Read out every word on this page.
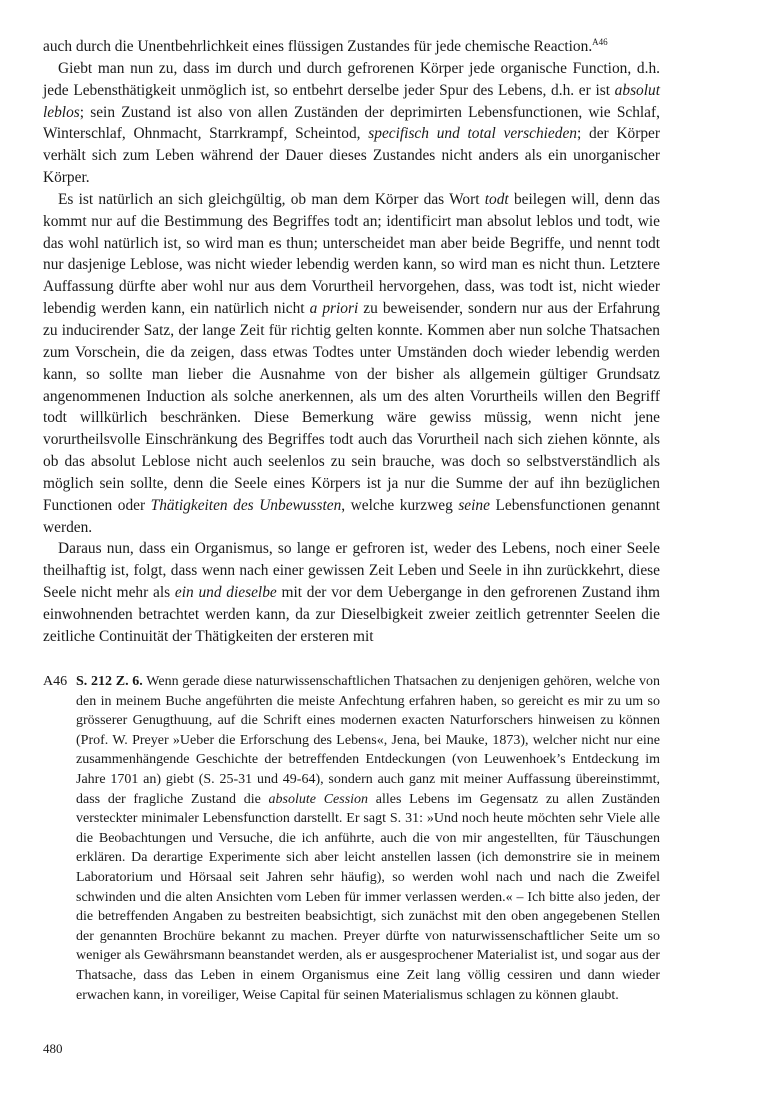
auch durch die Unentbehrlichkeit eines flüssigen Zustandes für jede chemische Reaction.$^{A46}$

Giebt man nun zu, dass im durch und durch gefrorenen Körper jede organische Function, d.h. jede Lebensthätigkeit unmöglich ist, so entbehrt derselbe jeder Spur des Lebens, d.h. er ist absolut leblos; sein Zustand ist also von allen Zuständen der deprimirten Lebensfunctionen, wie Schlaf, Winterschlaf, Ohnmacht, Starrkrampf, Scheintod, specifisch und total verschieden; der Körper verhält sich zum Leben während der Dauer dieses Zustandes nicht anders als ein unorganischer Körper.

Es ist natürlich an sich gleichgültig, ob man dem Körper das Wort todt beilegen will, denn das kommt nur auf die Bestimmung des Begriffes todt an; identificirt man absolut leblos und todt, wie das wohl natürlich ist, so wird man es thun; unterscheidet man aber beide Begriffe, und nennt todt nur dasjenige Leblose, was nicht wieder lebendig werden kann, so wird man es nicht thun. Letztere Auffassung dürfte aber wohl nur aus dem Vorurtheil hervorgehen, dass, was todt ist, nicht wieder lebendig werden kann, ein natürlich nicht a priori zu beweisender, sondern nur aus der Erfahrung zu inducirender Satz, der lange Zeit für richtig gelten konnte. Kommen aber nun solche Thatsachen zum Vorschein, die da zeigen, dass etwas Todtes unter Umständen doch wieder lebendig werden kann, so sollte man lieber die Ausnahme von der bisher als allgemein gültiger Grundsatz angenommenen Induction als solche anerkennen, als um des alten Vorurtheils willen den Begriff todt willkürlich beschränken. Diese Bemerkung wäre gewiss müssig, wenn nicht jene vorurtheilsvolle Einschränkung des Begriffes todt auch das Vorurtheil nach sich ziehen könnte, als ob das absolut Leblose nicht auch seelenlos zu sein brauche, was doch so selbstverständlich als möglich sein sollte, denn die Seele eines Körpers ist ja nur die Summe der auf ihn bezüglichen Functionen oder Thätigkeiten des Unbewussten, welche kurzweg seine Lebensfunctionen genannt werden.

Daraus nun, dass ein Organismus, so lange er gefroren ist, weder des Lebens, noch einer Seele theilhaftig ist, folgt, dass wenn nach einer gewissen Zeit Leben und Seele in ihn zurückkehrt, diese Seele nicht mehr als ein und dieselbe mit der vor dem Uebergange in den gefrorenen Zustand ihm einwohnenden betrachtet werden kann, da zur Dieselbigkeit zweier zeitlich getrennter Seelen die zeitliche Continuität der Thätigkeiten der ersteren mit

A46 S. 212 Z. 6. Wenn gerade diese naturwissenschaftlichen Thatsachen zu denjenigen gehören, welche von den in meinem Buche angeführten die meiste Anfechtung erfahren haben, so gereicht es mir zu um so grösserer Genugthuung, auf die Schrift eines modernen exacten Naturforschers hinweisen zu können (Prof. W. Preyer »Ueber die Erforschung des Lebens«, Jena, bei Mauke, 1873), welcher nicht nur eine zusammenhängende Geschichte der betreffenden Entdeckungen (von Leuwenhoek’s Entdeckung im Jahre 1701 an) giebt (S. 25-31 und 49-64), sondern auch ganz mit meiner Auffassung übereinstimmt, dass der fragliche Zustand die absolute Cession alles Lebens im Gegensatz zu allen Zuständen versteckter minimaler Lebensfunction darstellt. Er sagt S. 31: »Und noch heute möchten sehr Viele alle die Beobachtungen und Versuche, die ich anführte, auch die von mir angestellten, für Täuschungen erklären. Da derartige Experimente sich aber leicht anstellen lassen (ich demonstrire sie in meinem Laboratorium und Hörsaal seit Jahren sehr häufig), so werden wohl nach und nach die Zweifel schwinden und die alten Ansichten vom Leben für immer verlassen werden.« – Ich bitte also jeden, der die betreffenden Angaben zu bestreiten beabsichtigt, sich zunächst mit den oben angegebenen Stellen der genannten Brochüre bekannt zu machen. Preyer dürfte von naturwissenschaftlicher Seite um so weniger als Gewährsmann beanstandet werden, als er ausgesprochener Materialist ist, und sogar aus der Thatsache, dass das Leben in einem Organismus eine Zeit lang völlig cessiren und dann wieder erwachen kann, in voreiliger, Weise Capital für seinen Materialismus schlagen zu können glaubt.
480
